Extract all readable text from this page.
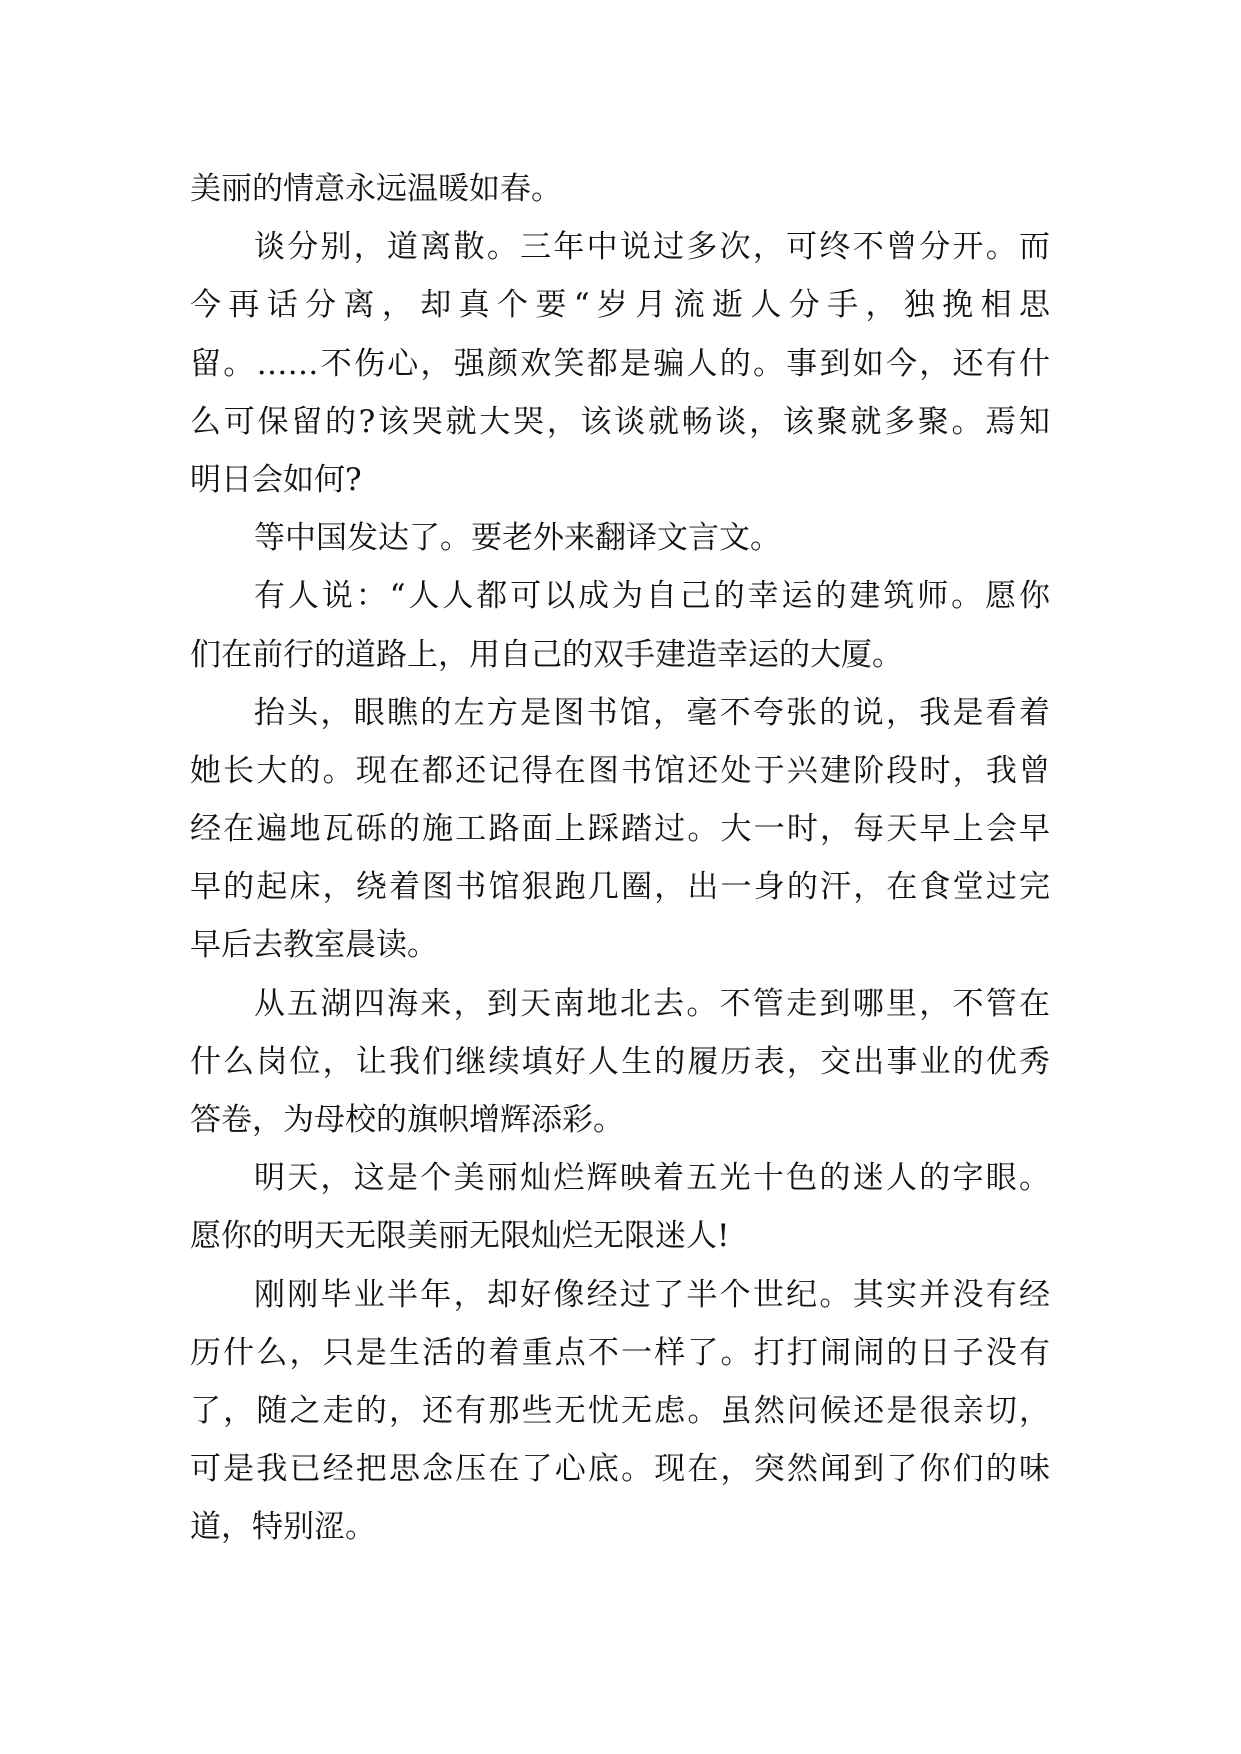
美丽的情意永远温暖如春。
谈分别，道离散。三年中说过多次，可终不曾分开。而
今再话分离，却真个要“岁月流逝人分手，独挽相思
留。……不伤心，强颜欢笑都是骗人的。事到如今，还有什
么可保留的?该哭就大哭，该谈就畅谈，该聚就多聚。焉知
明日会如何?
等中国发达了。要老外来翻译文言文。
有人说：“人人都可以成为自己的幸运的建筑师。愿你
们在前行的道路上，用自己的双手建造幸运的大厦。
抬头，眼瞧的左方是图书馆，毫不夸张的说，我是看着
她长大的。现在都还记得在图书馆还处于兴建阶段时，我曾
经在遍地瓦砾的施工路面上踩踏过。大一时，每天早上会早
早的起床，绕着图书馆狠跑几圈，出一身的汗，在食堂过完
早后去教室晨读。
从五湖四海来，到天南地北去。不管走到哪里，不管在
什么岗位，让我们继续填好人生的履历表，交出事业的优秀
答卷，为母校的旗帜增辉添彩。
明天，这是个美丽灿烂辉映着五光十色的迷人的字眼。
愿你的明天无限美丽无限灿烂无限迷人!
刚刚毕业半年，却好像经过了半个世纪。其实并没有经
历什么，只是生活的着重点不一样了。打打闹闹的日子没有
了，随之走的，还有那些无忧无虑。虽然问候还是很亲切，
可是我已经把思念压在了心底。现在，突然闻到了你们的味
道，特别涩。
